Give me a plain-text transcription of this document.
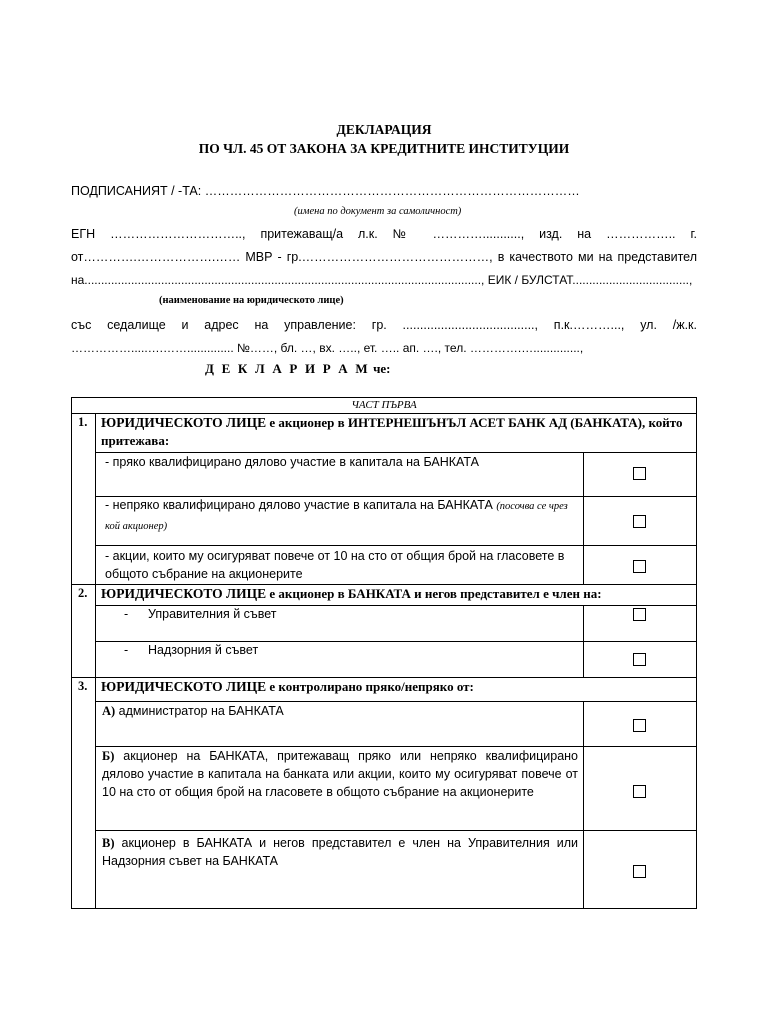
ДЕКЛАРАЦИЯ
ПО ЧЛ. 45 ОТ ЗАКОНА ЗА КРЕДИТНИТЕ ИНСТИТУЦИИ
ПОДПИСАНИЯТ / -ТА: ………………………………………………………………………………
(имена по документ за самоличност)
ЕГН ………………………….., притежаващ/а л.к. № …………..........., изд. на …………….. г.
от………….……………….…… МВР - гр.………………………………………, в качеството ми на представител
на......................................................................................................................., ЕИК / БУЛСТАТ...................................,
(наименование на юридическото лице)
със седалище и адрес на управление: гр. ......................................, п.к.………..., ул. /ж.к.
…………….....….…….............. №……, бл. …, вх. ….., ет. ….. ап. …., тел. ………….…..............,
Д Е К Л А Р И Р А М че:
ЧАСТ ПЪРВА
1. ЮРИДИЧЕСКОТО ЛИЦЕ е акционер в ИНТЕРНЕШЪНЪЛ АСЕТ БАНК АД (БАНКАТА), който притежава:
- пряко квалифицирано дялово участие в капитала на БАНКАТА
- непряко квалифицирано дялово участие в капитала на БАНКАТА (посочва се чрез кой акционер)
- акции, които му осигуряват повече от 10 на сто от общия брой на гласовете в общото събрание на акционерите
2. ЮРИДИЧЕСКОТО ЛИЦЕ е акционер в БАНКАТА и негов представител е член на:
- Управителния й съвет
- Надзорния й съвет
3. ЮРИДИЧЕСКОТО ЛИЦЕ е контролирано пряко/непряко от:
А) администратор на БАНКАТА
Б) акционер на БАНКАТА, притежаващ пряко или непряко квалифицирано дялово участие в капитала на банката или акции, които му осигуряват повече от 10 на сто от общия брой на гласовете в общото събрание на акционерите
В) акционер в БАНКАТА и негов представител е член на Управителния или Надзорния съвет на БАНКАТА
